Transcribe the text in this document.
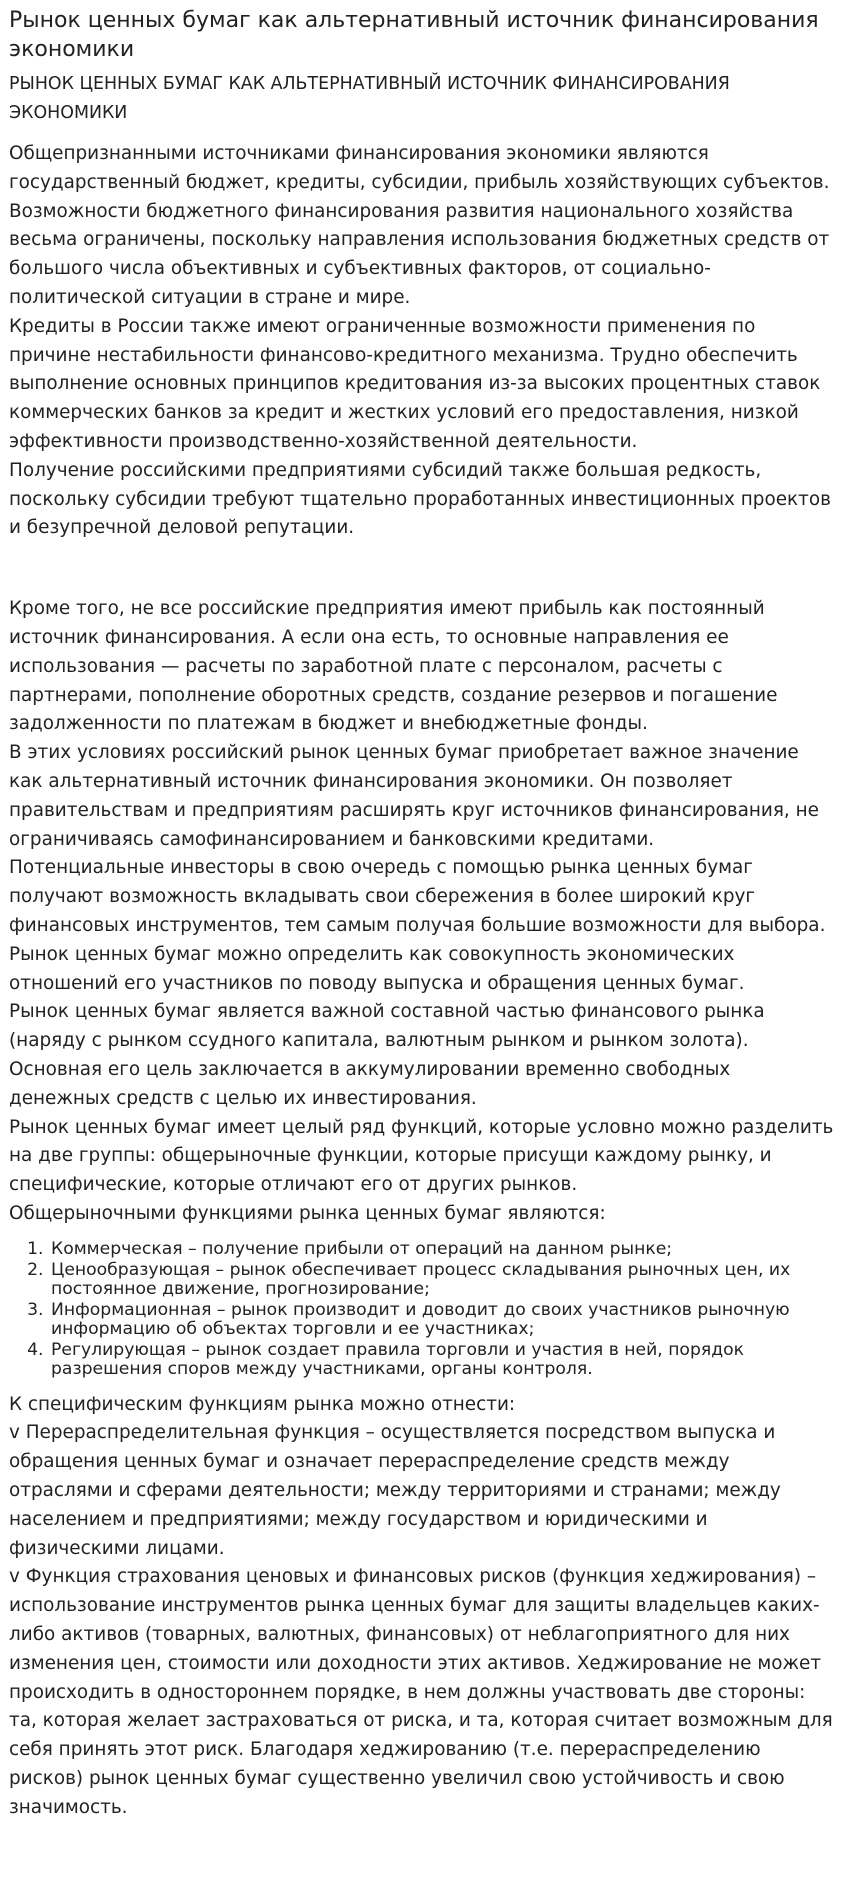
Рынок ценных бумаг как альтернативный источник финансирования экономики
РЫНОК ЦЕННЫХ БУМАГ КАК АЛЬТЕРНАТИВНЫЙ ИСТОЧНИК ФИНАНСИРОВАНИЯ ЭКОНОМИКИ

Общепризнанными источниками финансирования экономики являются государственный бюджет, кредиты, субсидии, прибыль хозяйствующих субъектов.

Возможности бюджетного финансирования развития национального хозяйства весьма ограничены, поскольку направления использования бюджетных средств от большого числа объективных и субъективных факторов, от социально-политической ситуации в стране и мире.

Кредиты в России также имеют ограниченные возможности применения по причине нестабильности финансово-кредитного механизма. Трудно обеспечить выполнение основных принципов кредитования из-за высоких процентных ставок коммерческих банков за кредит и жестких условий его предоставления, низкой эффективности производственно-хозяйственной деятельности.

Получение российскими предприятиями субсидий также большая редкость, поскольку субсидии требуют тщательно проработанных инвестиционных проектов и безупречной деловой репутации.

Кроме того, не все российские предприятия имеют прибыль как постоянный источник финансирования. А если она есть, то основные направления ее использования — расчеты по заработной плате с персоналом, расчеты с партнерами, пополнение оборотных средств, создание резервов и погашение задолженности по платежам в бюджет и внебюджетные фонды.

В этих условиях российский рынок ценных бумаг приобретает важное значение как альтернативный источник финансирования экономики. Он позволяет правительствам и предприятиям расширять круг источников финансирования, не ограничиваясь самофинансированием и банковскими кредитами.

Потенциальные инвесторы в свою очередь с помощью рынка ценных бумаг получают возможность вкладывать свои сбережения в более широкий круг финансовых инструментов, тем самым получая большие возможности для выбора.

Рынок ценных бумаг можно определить как совокупность экономических отношений его участников по поводу выпуска и обращения ценных бумаг.

Рынок ценных бумаг является важной составной частью финансового рынка (наряду с рынком ссудного капитала, валютным рынком и рынком золота). Основная его цель заключается в аккумулировании временно свободных денежных средств с целью их инвестирования.

Рынок ценных бумаг имеет целый ряд функций, которые условно можно разделить на две группы: общерыночные функции, которые присущи каждому рынку, и специфические, которые отличают его от других рынков.

Общерыночными функциями рынка ценных бумаг являются:

1. Коммерческая – получение прибыли от операций на данном рынке;
2. Ценообразующая – рынок обеспечивает процесс складывания рыночных цен, их постоянное движение, прогнозирование;
3. Информационная – рынок производит и доводит до своих участников рыночную информацию об объектах торговли и ее участниках;
4. Регулирующая – рынок создает правила торговли и участия в ней, порядок разрешения споров между участниками, органы контроля.

К специфическим функциям рынка можно отнести:

v Перераспределительная функция – осуществляется посредством выпуска и обращения ценных бумаг и означает перераспределение средств между отраслями и сферами деятельности; между территориями и странами; между населением и предприятиями; между государством и юридическими и физическими лицами.

v Функция страхования ценовых и финансовых рисков (функция хеджирования) – использование инструментов рынка ценных бумаг для защиты владельцев каких-либо активов (товарных, валютных, финансовых) от неблагоприятного для них изменения цен, стоимости или доходности этих активов. Хеджирование не может происходить в одностороннем порядке, в нем должны участвовать две стороны: та, которая желает застраховаться от риска, и та, которая считает возможным для себя принять этот риск. Благодаря хеджированию (т.е. перераспределению рисков) рынок ценных бумаг существенно увеличил свою устойчивость и свою значимость.
